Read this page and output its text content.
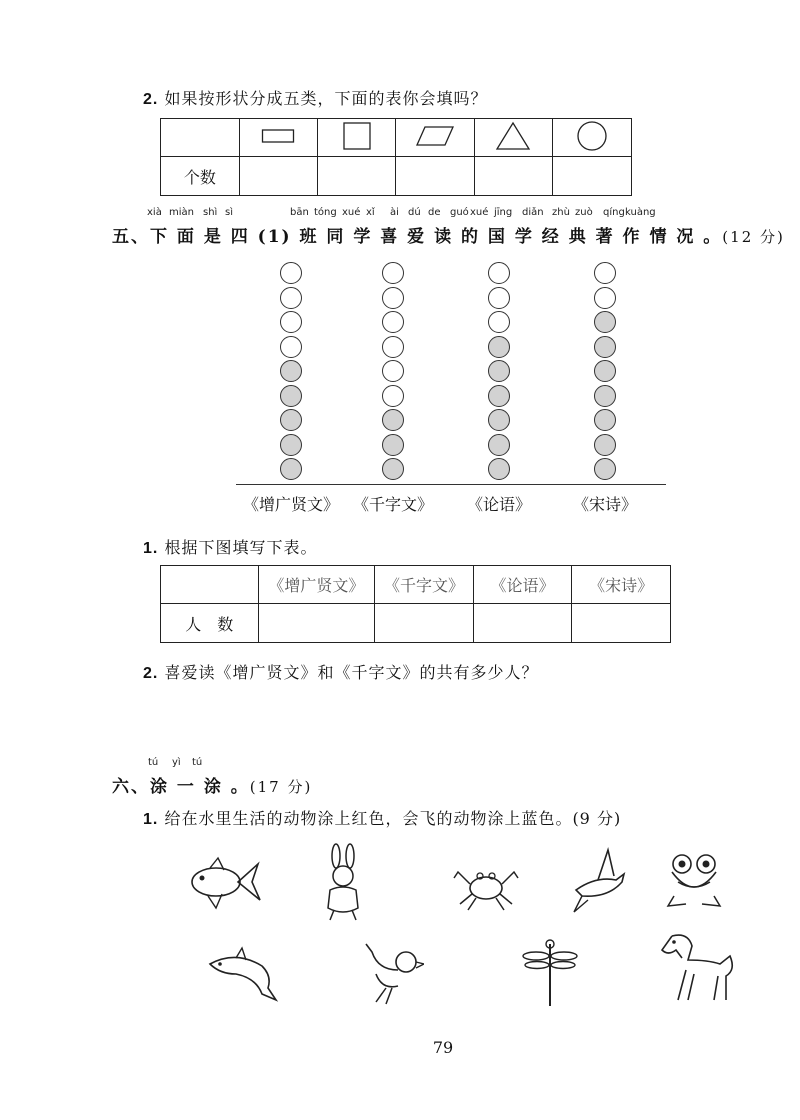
2. 如果按形状分成五类，下面的表你会填吗？

个数					
xià miàn shì sì	bān tóng xué xǐ ài dú de guó xué jīng diǎn zhù zuò qíng kuàng
五、下 面 是 四 (1) 班 同 学 喜 爱 读 的 国 学 经 典 著 作 情 况 。(12 分)
《增广贤文》 《千字文》	《论语》	《宋诗》
1. 根据下图填写下表。
	《增广贤文》	《千字文》	《论语》	《宋诗》
人　数				
2. 喜爱读《增广贤文》和《千字文》的共有多少人？
tú yì tú
六、涂 一 涂 。(17 分)
1. 给在水里生活的动物涂上红色，会飞的动物涂上蓝色。(9 分)
79
